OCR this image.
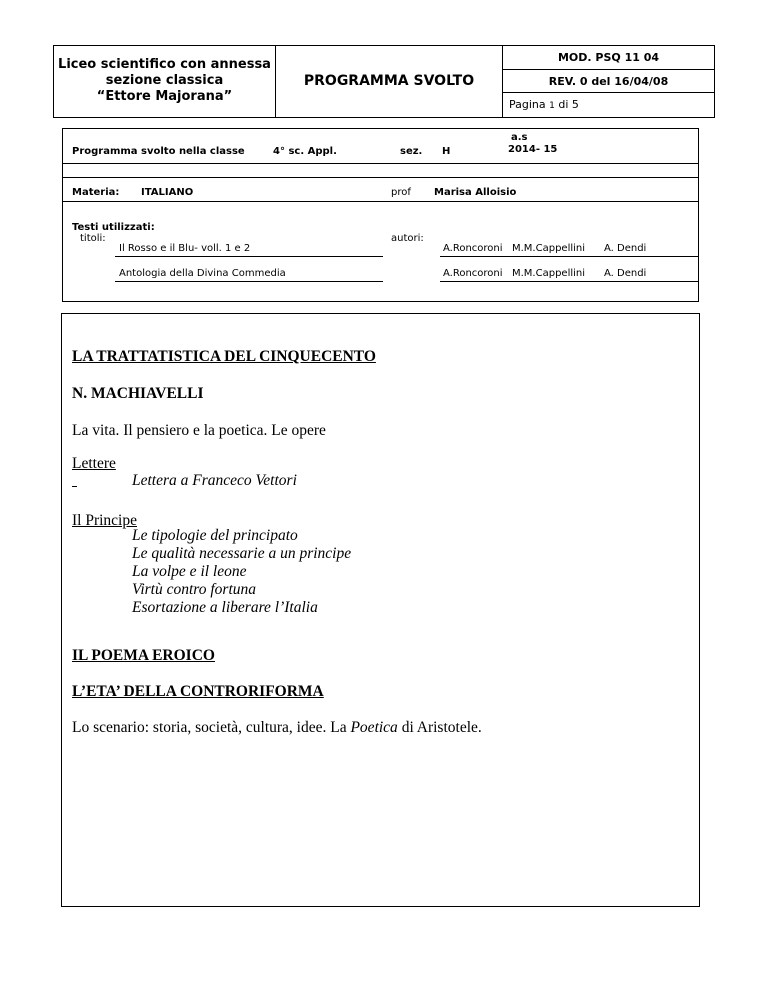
Liceo scientifico con annessa
sezione classica
“Ettore Majorana”
PROGRAMMA SVOLTO
MOD. PSQ 11 04
REV. 0 del 16/04/08
Pagina 1 di 5
Programma svolto nella classe	4° sc. Appl.	sez. H
a.s
2014- 15
Materia: ITALIANO	prof Marisa Alloisio
Testi utilizzati:
titoli:	autori:
Il Rosso e il Blu- voll. 1 e 2	A.Roncoroni M.M.Cappellini A. Dendi
Antologia della Divina Commedia	A.Roncoroni M.M.Cappellini A. Dendi
LA TRATTATISTICA DEL CINQUECENTO
N. MACHIAVELLI
La vita. Il pensiero e la poetica. Le opere
Lettere
Lettera a Franceco Vettori
Il Principe
Le tipologie del principato
Le qualità necessarie a un principe
La volpe e il leone
Virtù contro fortuna
Esortazione a liberare l’Italia
IL POEMA EROICO
L’ETA’ DELLA CONTRORIFORMA
Lo scenario: storia, società, cultura, idee. La Poetica di Aristotele.
